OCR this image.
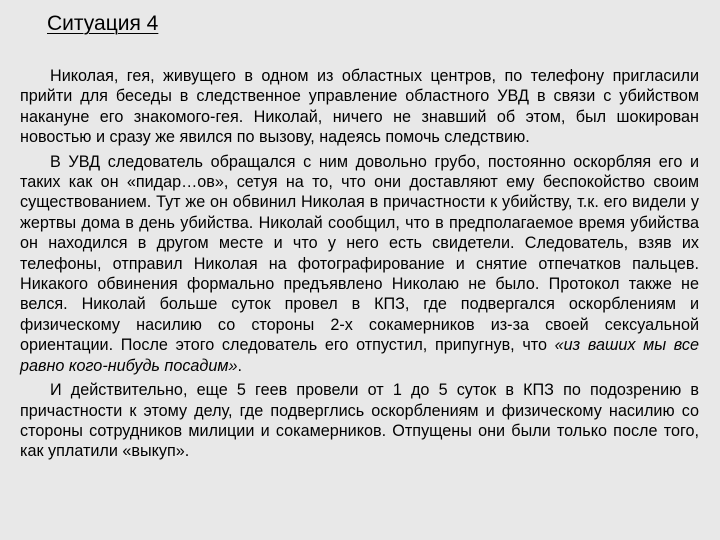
Ситуация 4

Николая, гея, живущего в одном из областных центров, по телефону пригласили прийти для беседы в следственное управление областного УВД в связи с убийством накануне его знакомого-гея. Николай, ничего не знавший об этом, был шокирован новостью и сразу же явился по вызову, надеясь помочь следствию.

В УВД следователь обращался с ним довольно грубо, постоянно оскорбляя его и таких как он «пидар…ов», сетуя на то, что они доставляют ему беспокойство своим существованием. Тут же он обвинил Николая в причастности к убийству, т.к. его видели у жертвы дома в день убийства. Николай сообщил, что в предполагаемое время убийства он находился в другом месте и что у него есть свидетели. Следователь, взяв их телефоны, отправил Николая на фотографирование и снятие отпечатков пальцев. Никакого обвинения формально предъявлено Николаю не было. Протокол также не велся. Николай больше суток провел в КПЗ, где подвергался оскорблениям и физическому насилию со стороны 2-х сокамерников из-за своей сексуальной ориентации. После этого следователь его отпустил, припугнув, что «из ваших мы все равно кого-нибудь посадим».

И действительно, еще 5 геев провели от 1 до 5 суток в КПЗ по подозрению в причастности к этому делу, где подверглись оскорблениям и физическому насилию со стороны сотрудников милиции и сокамерников. Отпущены они были только после того, как уплатили «выкуп».
